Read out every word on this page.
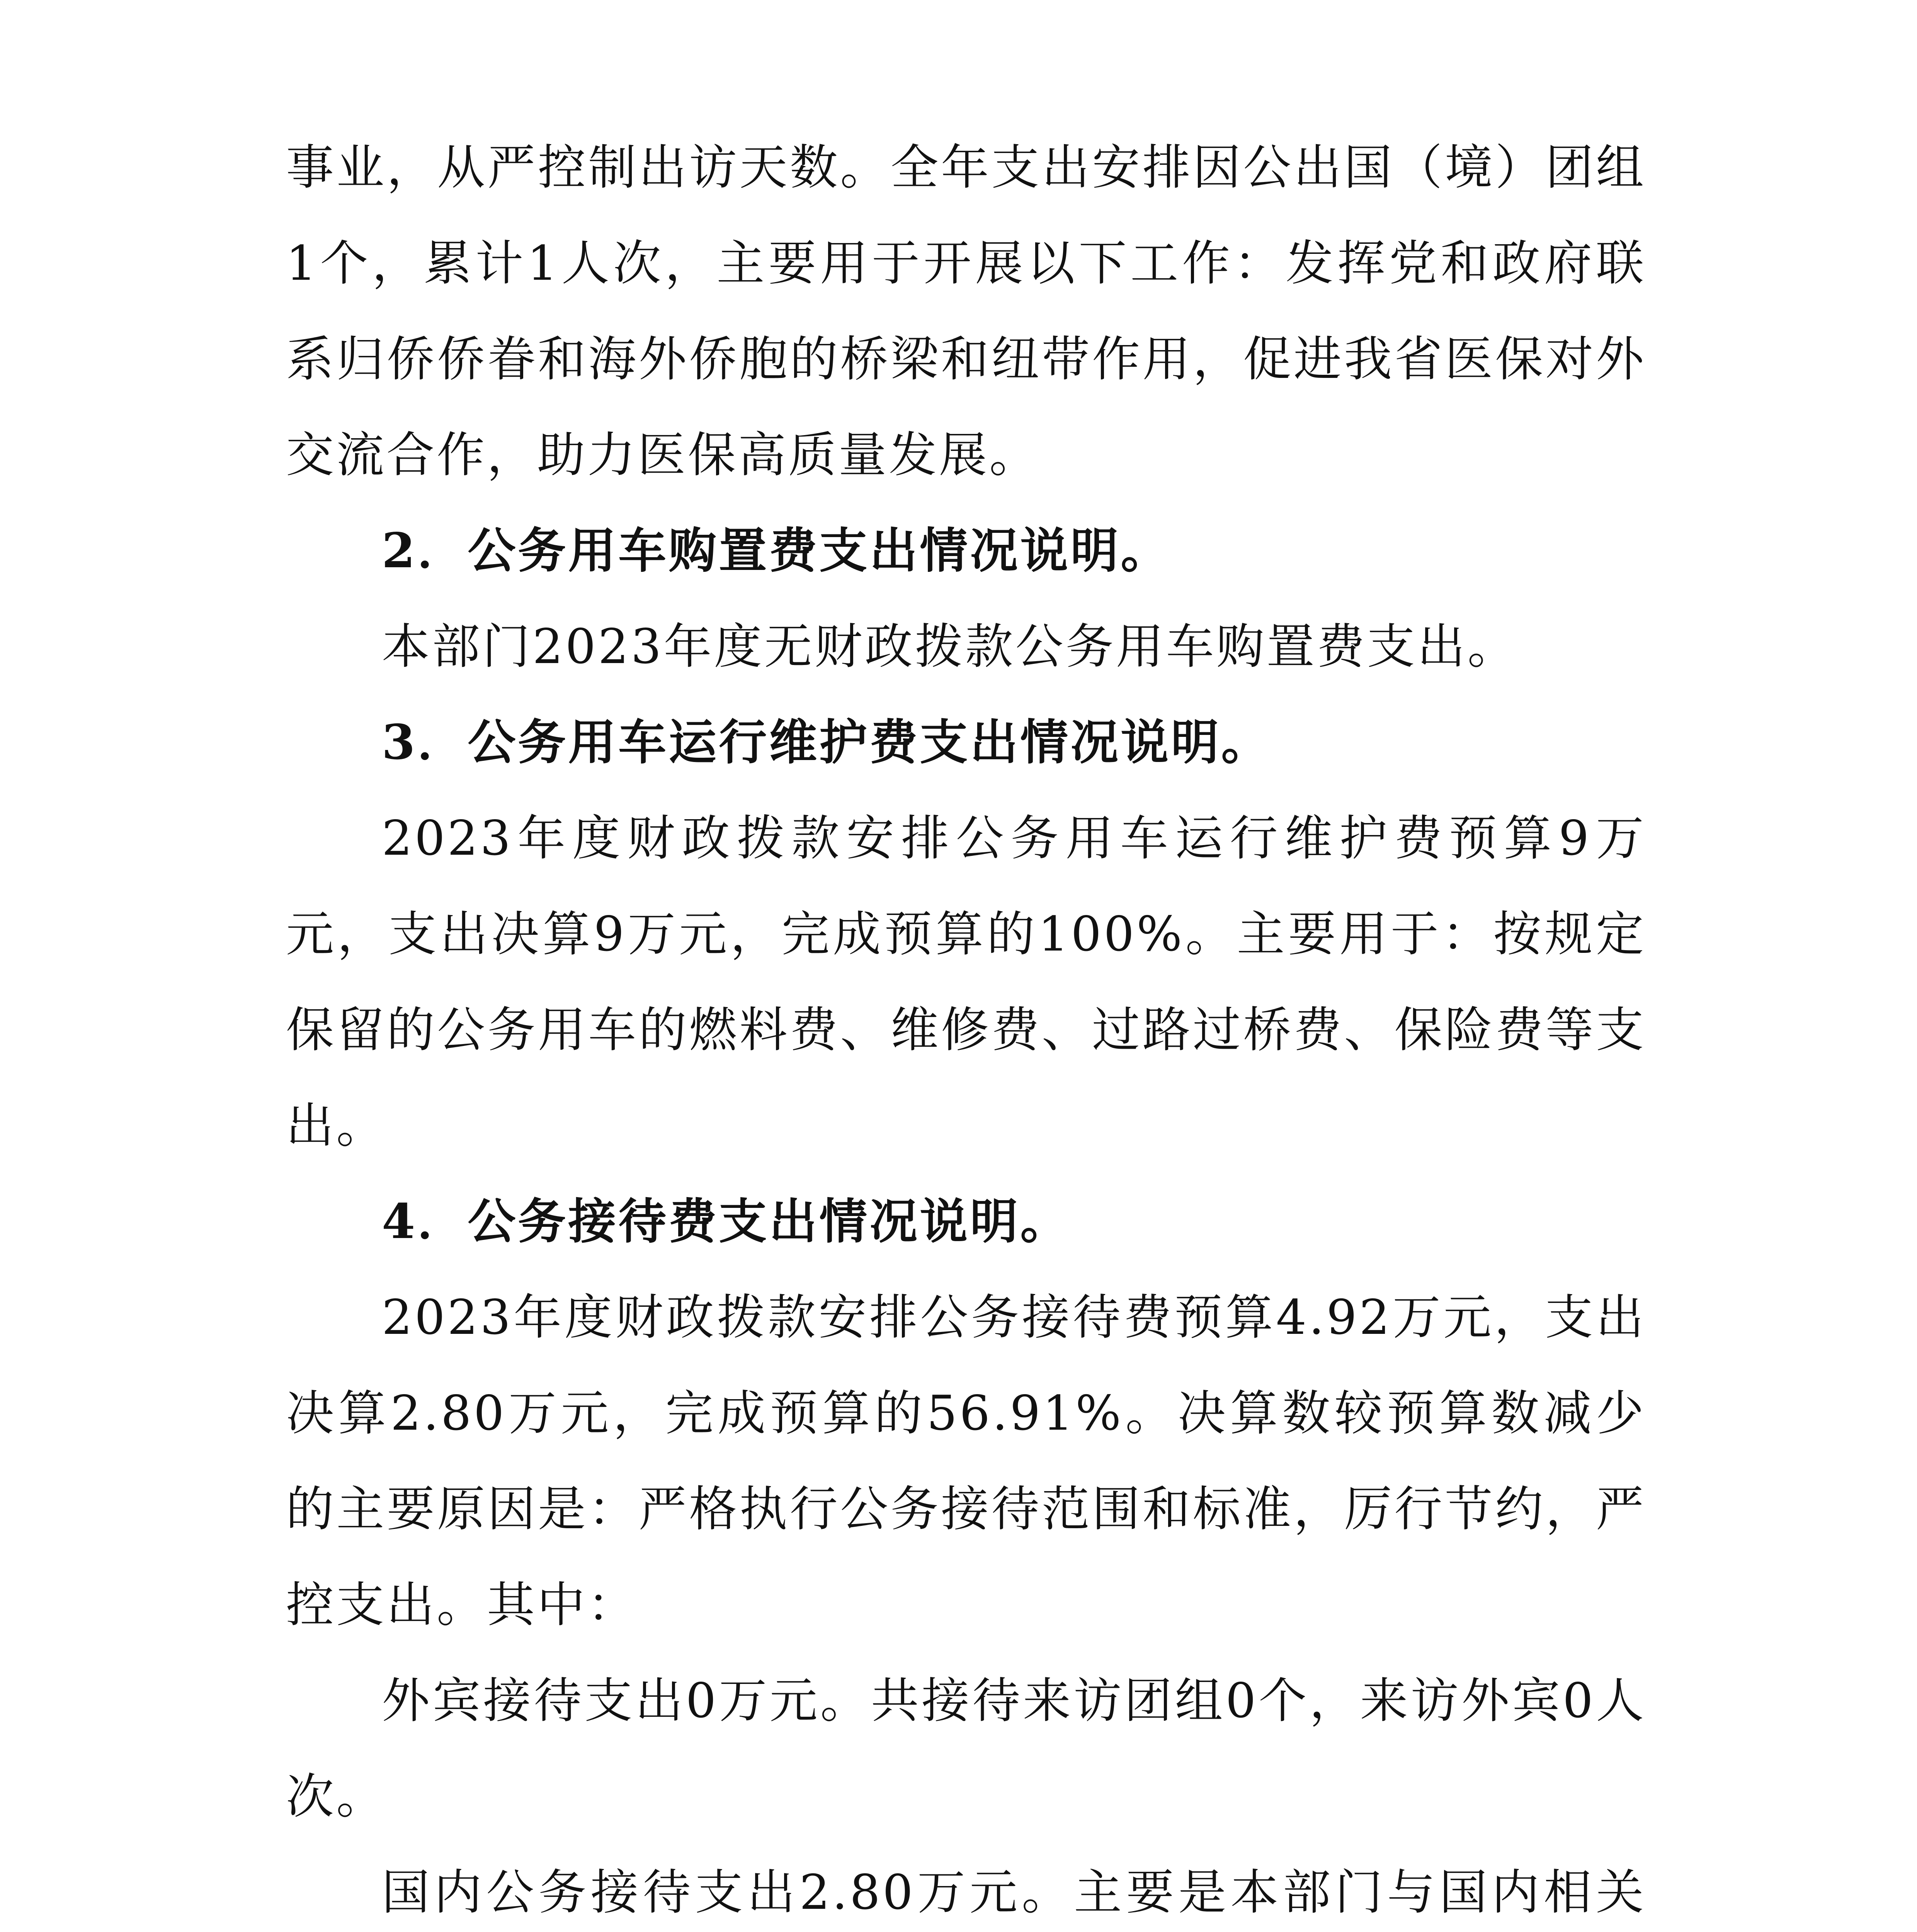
事业，从严控制出访天数。全年支出安排因公出国（境）团组1个，累计1人次，主要用于开展以下工作：发挥党和政府联系归侨侨眷和海外侨胞的桥梁和纽带作用，促进我省医保对外交流合作，助力医保高质量发展。

2．公务用车购置费支出情况说明。

本部门2023年度无财政拨款公务用车购置费支出。

3．公务用车运行维护费支出情况说明。

2023年度财政拨款安排公务用车运行维护费预算9万元，支出决算9万元，完成预算的100%。主要用于：按规定保留的公务用车的燃料费、维修费、过路过桥费、保险费等支出。

4．公务接待费支出情况说明。

2023年度财政拨款安排公务接待费预算4.92万元，支出决算2.80万元，完成预算的56.91%。决算数较预算数减少的主要原因是：严格执行公务接待范围和标准，厉行节约，严控支出。其中：

外宾接待支出0万元。共接待来访团组0个，来访外宾0人次。

国内公务接待支出2.80万元。主要是本部门与国内相关
